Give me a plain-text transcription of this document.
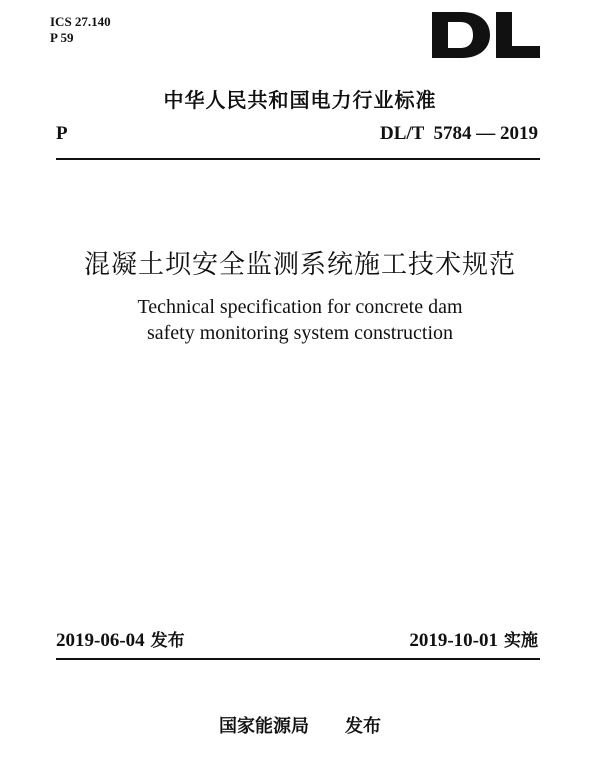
ICS 27.140
P 59
中华人民共和国电力行业标准
P	DL/T  5784 — 2019
混凝土坝安全监测系统施工技术规范
Technical specification for concrete dam
safety monitoring system construction
2019-06-04 发布	2019-10-01 实施
国家能源局　　发布
